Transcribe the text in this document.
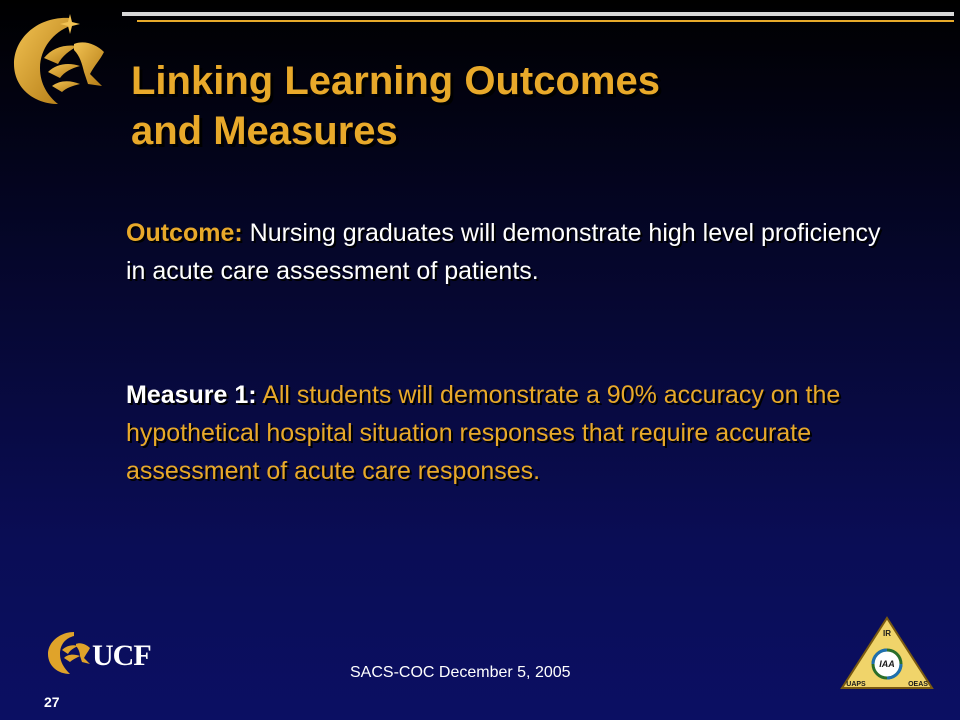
Linking Learning Outcomes
and Measures
Outcome: Nursing graduates will demonstrate high level proficiency in acute care assessment of patients.
Measure 1: All students will demonstrate a 90% accuracy on the hypothetical hospital situation responses that require accurate assessment of acute care responses.
UCF
SACS-COC December 5, 2005
27
IR
IAA
UAPS	OEAS
